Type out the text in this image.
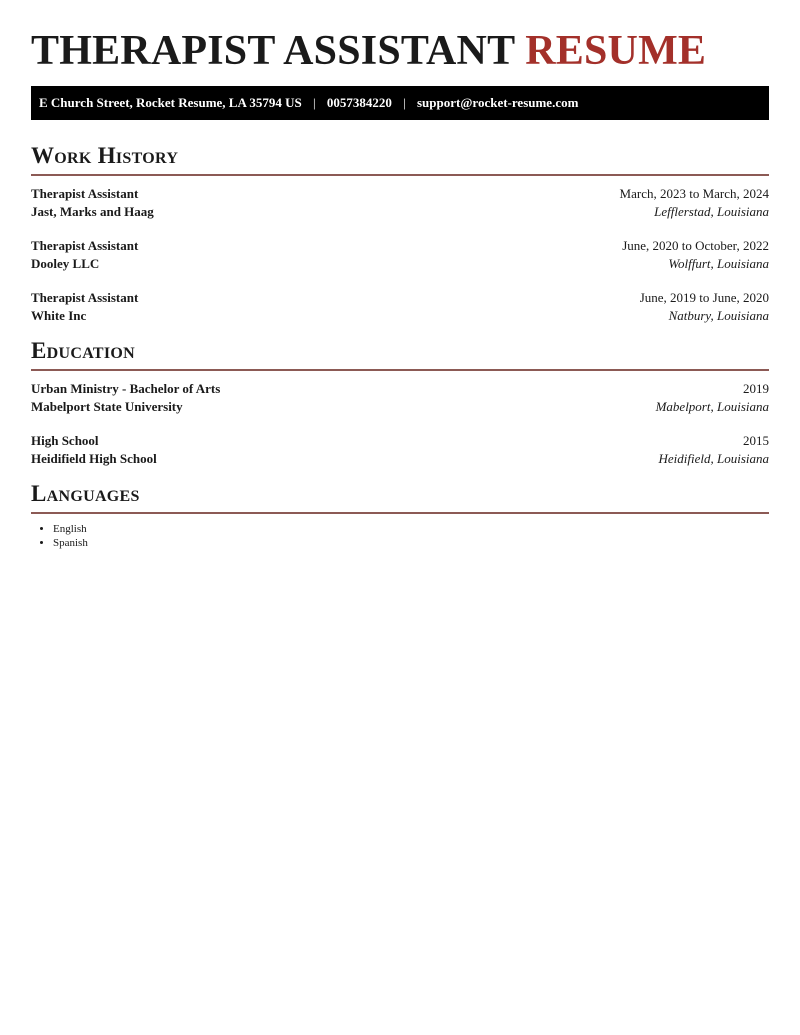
THERAPIST ASSISTANT RESUME
E Church Street, Rocket Resume, LA 35794 US | 0057384220 | support@rocket-resume.com
Work History
Therapist Assistant	March, 2023 to March, 2024
Jast, Marks and Haag	Lefflerstad, Louisiana
Therapist Assistant	June, 2020 to October, 2022
Dooley LLC	Wolffurt, Louisiana
Therapist Assistant	June, 2019 to June, 2020
White Inc	Natbury, Louisiana
Education
Urban Ministry - Bachelor of Arts	2019
Mabelport State University	Mabelport, Louisiana
High School	2015
Heidifield High School	Heidifield, Louisiana
Languages
• English
• Spanish
